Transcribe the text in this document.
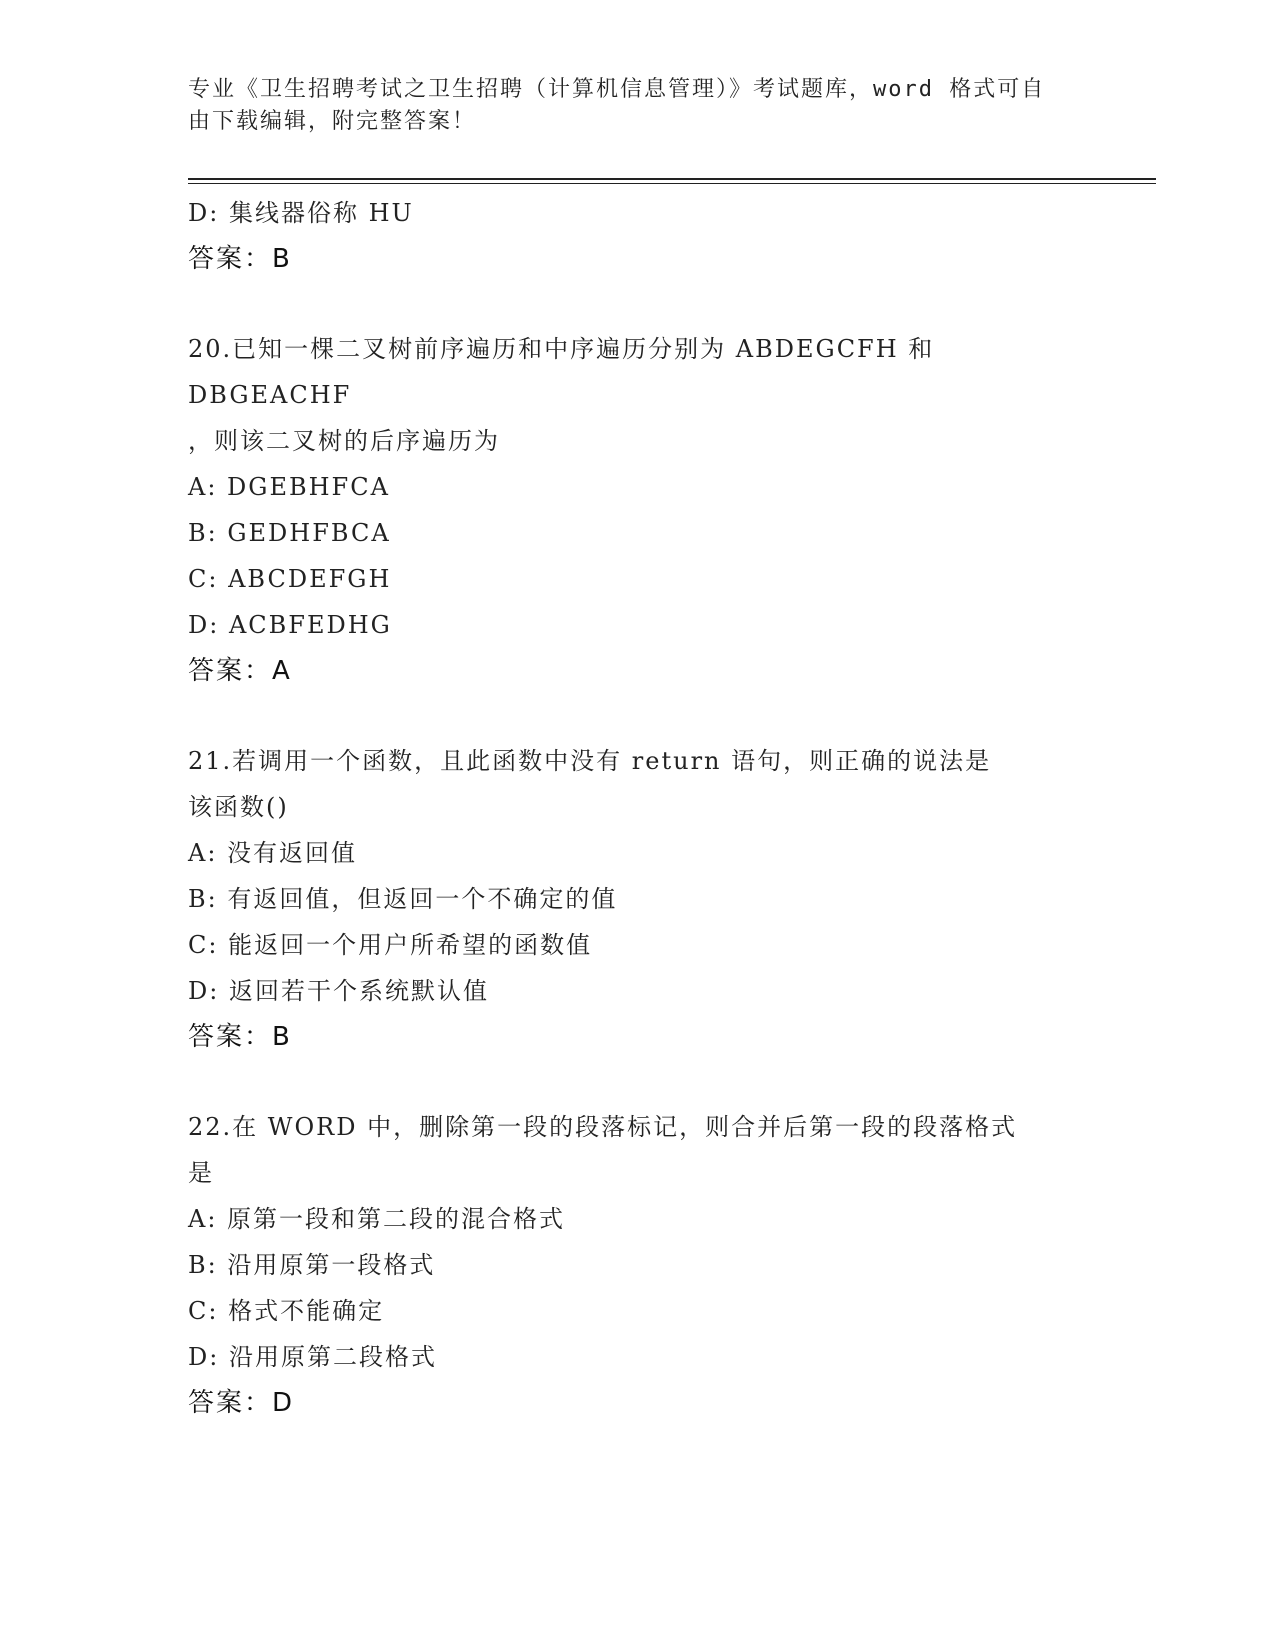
专业《卫生招聘考试之卫生招聘（计算机信息管理）》考试题库，word 格式可自
由下载编辑，附完整答案！
D: 集线器俗称 HU
答案：B
20.已知一棵二叉树前序遍历和中序遍历分别为 ABDEGCFH 和 DBGEACHF
，则该二叉树的后序遍历为
A: DGEBHFCA
B: GEDHFBCA
C: ABCDEFGH
D: ACBFEDHG
答案：A
21.若调用一个函数，且此函数中没有 return 语句，则正确的说法是
该函数()
A: 没有返回值
B: 有返回值，但返回一个不确定的值
C: 能返回一个用户所希望的函数值
D: 返回若干个系统默认值
答案：B
22.在 WORD 中，删除第一段的段落标记，则合并后第一段的段落格式
是
A: 原第一段和第二段的混合格式
B: 沿用原第一段格式
C: 格式不能确定
D: 沿用原第二段格式
答案：D
